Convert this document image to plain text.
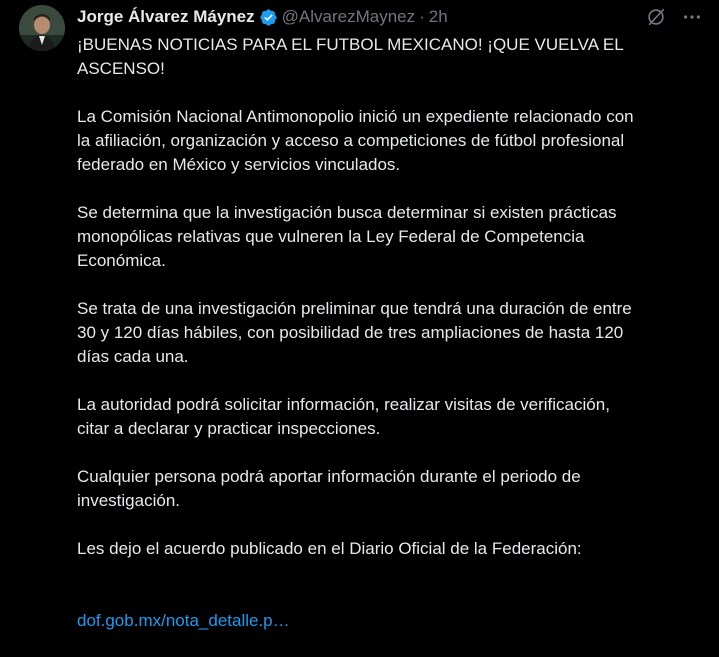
Jorge Álvarez Máynez @AlvarezMaynez · 2h

¡BUENAS NOTICIAS PARA EL FUTBOL MEXICANO! ¡QUE VUELVA EL
ASCENSO!

La Comisión Nacional Antimonopolio inició un expediente relacionado con
la afiliación, organización y acceso a competiciones de fútbol profesional
federado en México y servicios vinculados.

Se determina que la investigación busca determinar si existen prácticas
monopólicas relativas que vulneren la Ley Federal de Competencia
Económica.

Se trata de una investigación preliminar que tendrá una duración de entre
30 y 120 días hábiles, con posibilidad de tres ampliaciones de hasta 120
días cada una.

La autoridad podrá solicitar información, realizar visitas de verificación,
citar a declarar y practicar inspecciones.

Cualquier persona podrá aportar información durante el periodo de
investigación.

Les dejo el acuerdo publicado en el Diario Oficial de la Federación:

dof.gob.mx/nota_detalle.p…
